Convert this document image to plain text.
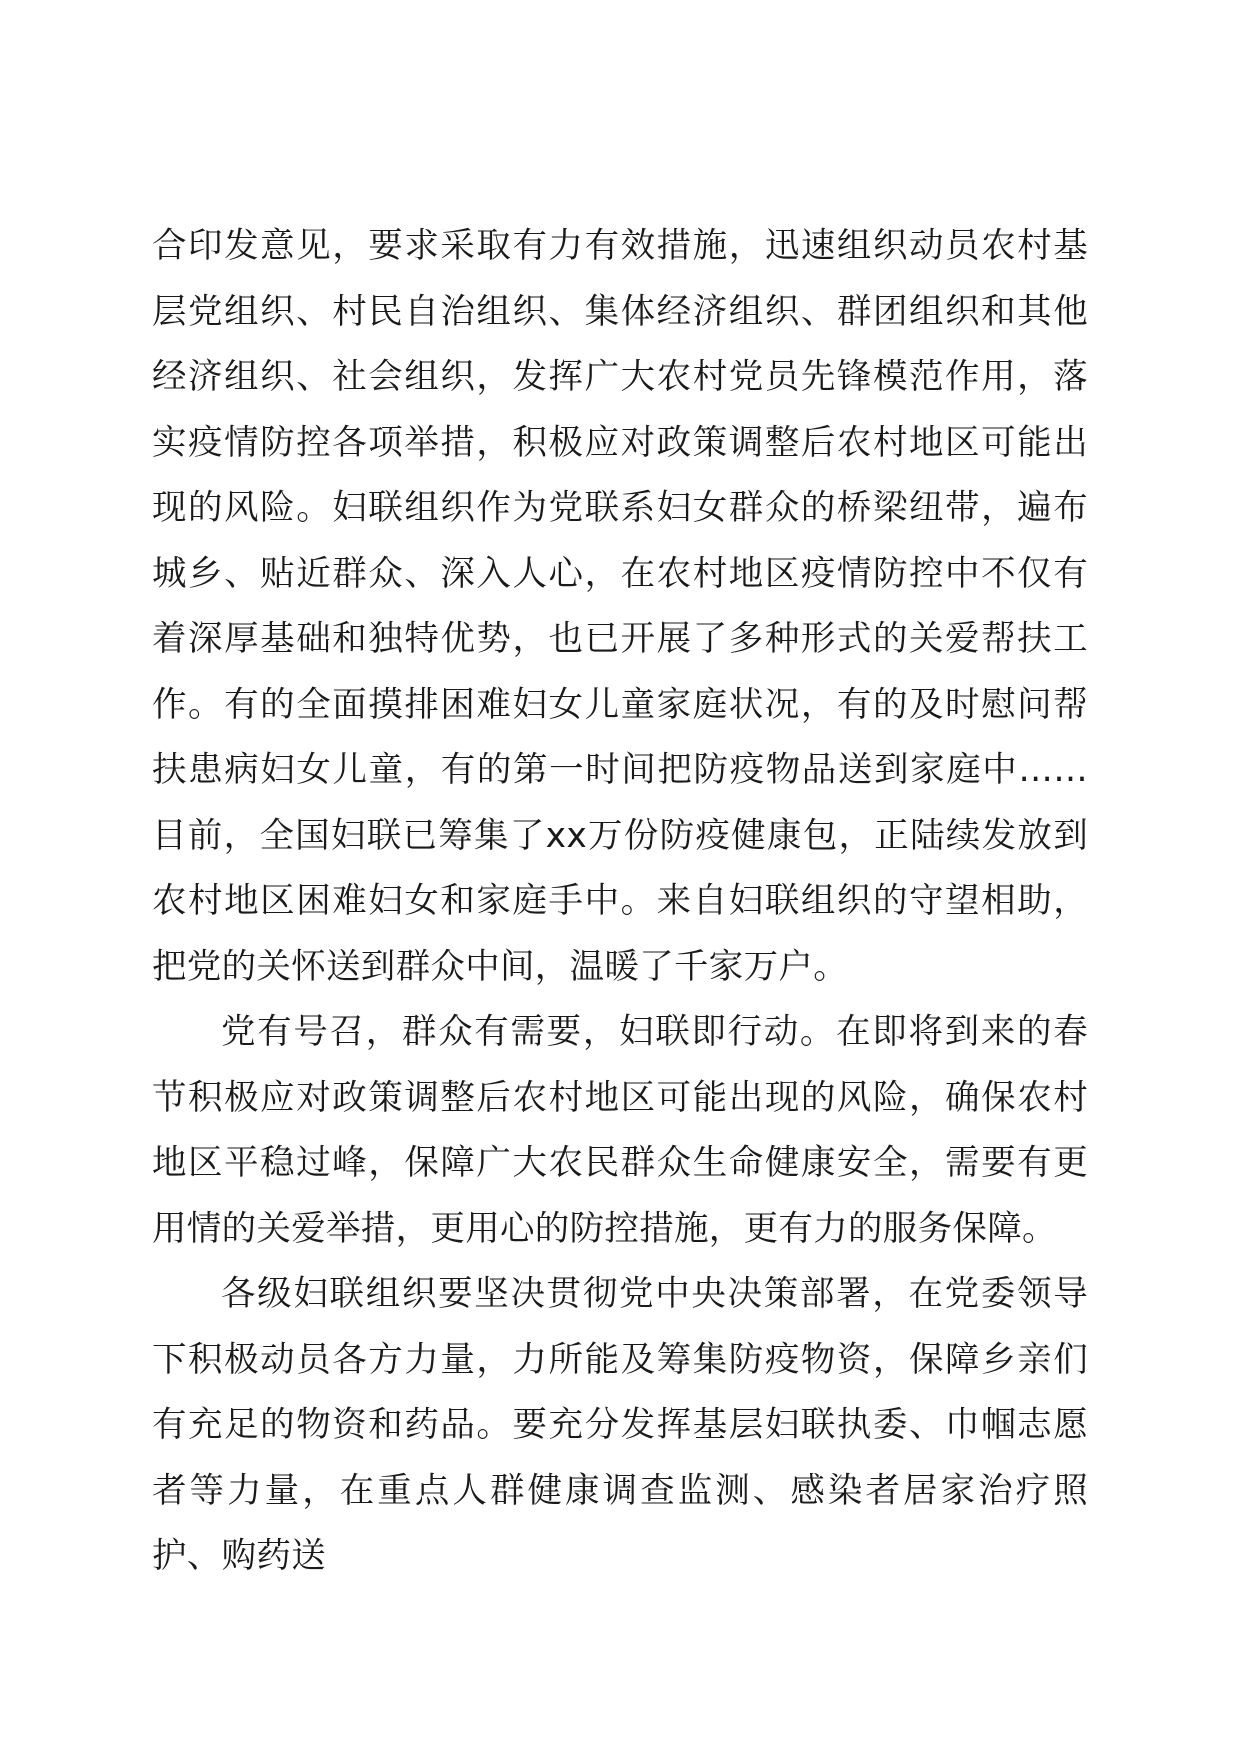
合印发意见，要求采取有力有效措施，迅速组织动员农村基层党组织、村民自治组织、集体经济组织、群团组织和其他经济组织、社会组织，发挥广大农村党员先锋模范作用，落实疫情防控各项举措，积极应对政策调整后农村地区可能出现的风险。妇联组织作为党联系妇女群众的桥梁纽带，遍布城乡、贴近群众、深入人心，在农村地区疫情防控中不仅有着深厚基础和独特优势，也已开展了多种形式的关爱帮扶工作。有的全面摸排困难妇女儿童家庭状况，有的及时慰问帮扶患病妇女儿童，有的第一时间把防疫物品送到家庭中……目前，全国妇联已筹集了xx万份防疫健康包，正陆续发放到农村地区困难妇女和家庭手中。来自妇联组织的守望相助，把党的关怀送到群众中间，温暖了千家万户。

党有号召，群众有需要，妇联即行动。在即将到来的春节积极应对政策调整后农村地区可能出现的风险，确保农村地区平稳过峰，保障广大农民群众生命健康安全，需要有更用情的关爱举措，更用心的防控措施，更有力的服务保障。

各级妇联组织要坚决贯彻党中央决策部署，在党委领导下积极动员各方力量，力所能及筹集防疫物资，保障乡亲们有充足的物资和药品。要充分发挥基层妇联执委、巾帼志愿者等力量，在重点人群健康调查监测、感染者居家治疗照护、购药送
